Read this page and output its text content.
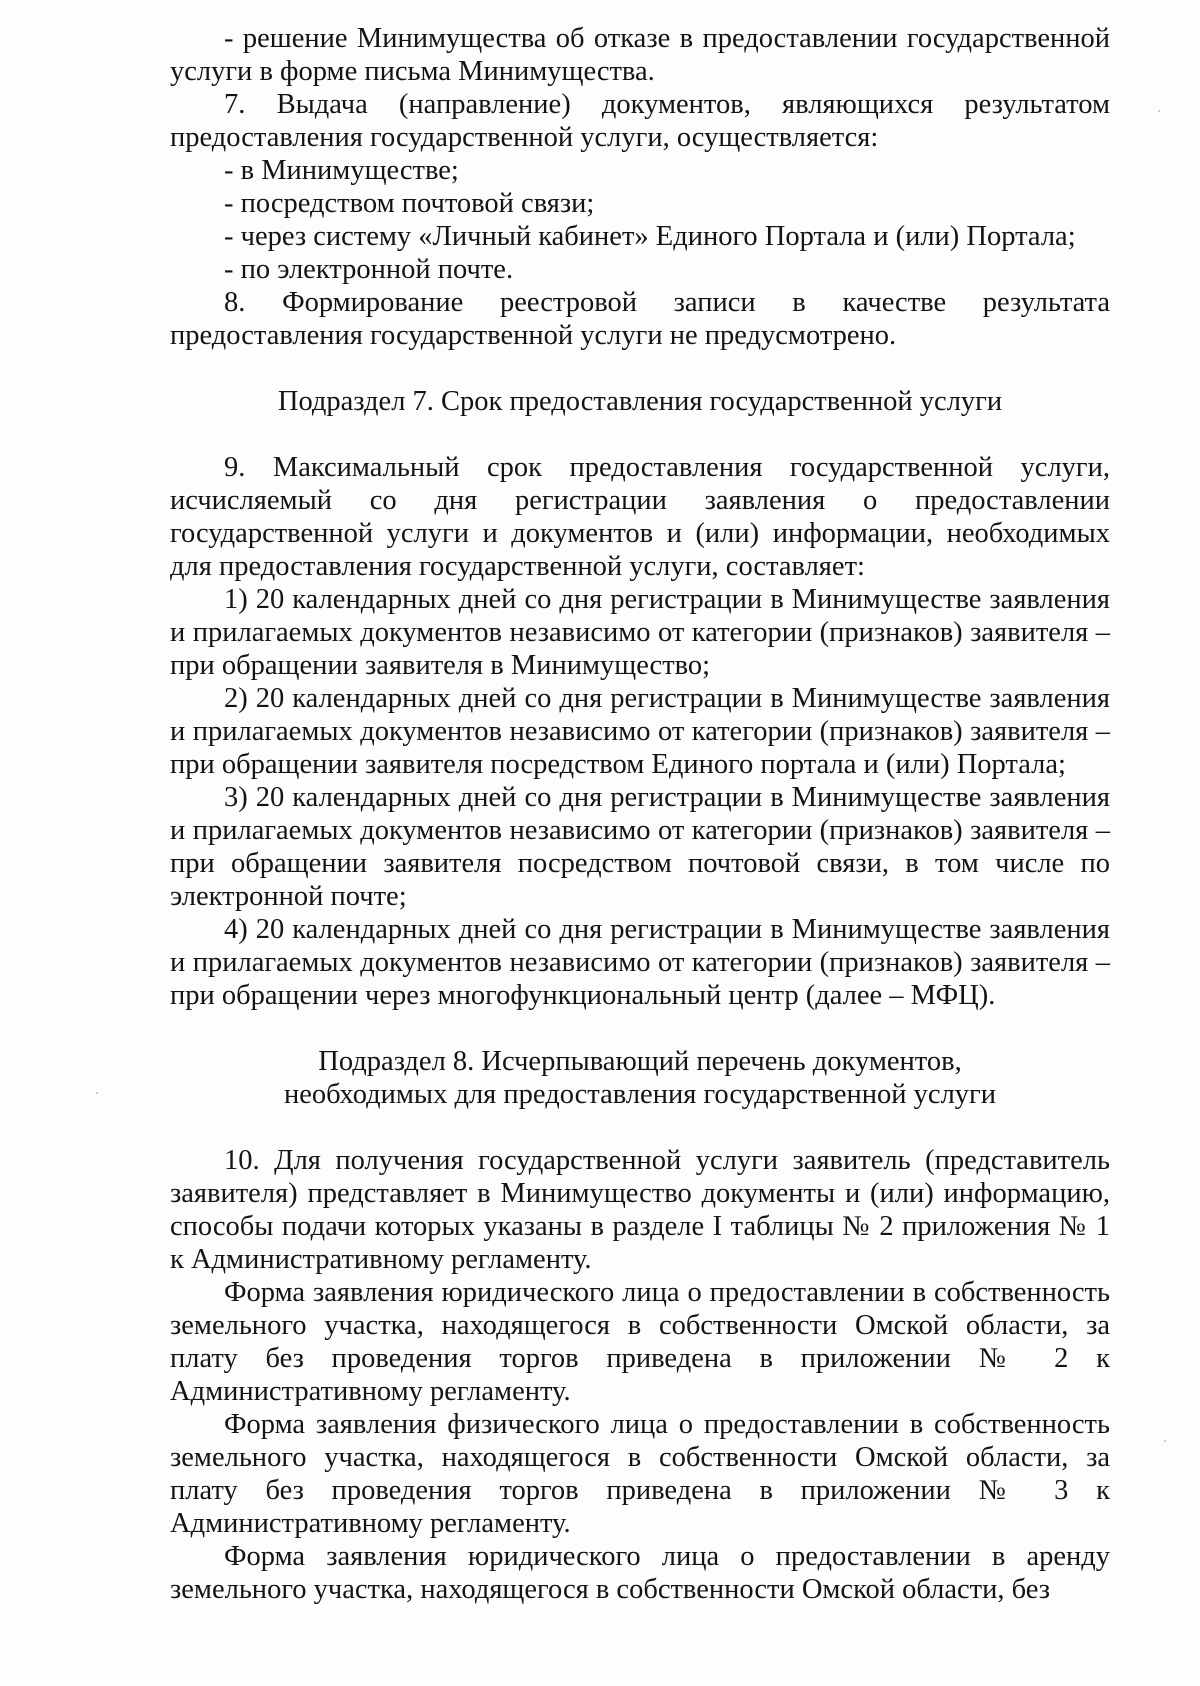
- решение Минимущества об отказе в предоставлении государственной услуги в форме письма Минимущества.

7. Выдача (направление) документов, являющихся результатом предоставления государственной услуги, осуществляется:

- в Минимуществе;

- посредством почтовой связи;

- через систему «Личный кабинет» Единого Портала и (или) Портала;

- по электронной почте.

8. Формирование реестровой записи в качестве результата предоставления государственной услуги не предусмотрено.

Подраздел 7. Срок предоставления государственной услуги

9. Максимальный срок предоставления государственной услуги, исчисляемый со дня регистрации заявления о предоставлении государственной услуги и документов и (или) информации, необходимых для предоставления государственной услуги, составляет:

1) 20 календарных дней со дня регистрации в Минимуществе заявления и прилагаемых документов независимо от категории (признаков) заявителя – при обращении заявителя в Минимущество;

2) 20 календарных дней со дня регистрации в Минимуществе заявления и прилагаемых документов независимо от категории (признаков) заявителя – при обращении заявителя посредством Единого портала и (или) Портала;

3) 20 календарных дней со дня регистрации в Минимуществе заявления и прилагаемых документов независимо от категории (признаков) заявителя – при обращении заявителя посредством почтовой связи, в том числе по электронной почте;

4) 20 календарных дней со дня регистрации в Минимуществе заявления и прилагаемых документов независимо от категории (признаков) заявителя – при обращении через многофункциональный центр (далее – МФЦ).

Подраздел 8. Исчерпывающий перечень документов,

необходимых для предоставления государственной услуги

10. Для получения государственной услуги заявитель (представитель заявителя) представляет в Минимущество документы и (или) информацию, способы подачи которых указаны в разделе I таблицы № 2 приложения № 1 к Административному регламенту.

Форма заявления юридического лица о предоставлении в собственность земельного участка, находящегося в собственности Омской области, за плату без проведения торгов приведена в приложении № 2 к Административному регламенту.

Форма заявления физического лица о предоставлении в собственность земельного участка, находящегося в собственности Омской области, за плату без проведения торгов приведена в приложении № 3 к Административному регламенту.

Форма заявления юридического лица о предоставлении в аренду земельного участка, находящегося в собственности Омской области, без
